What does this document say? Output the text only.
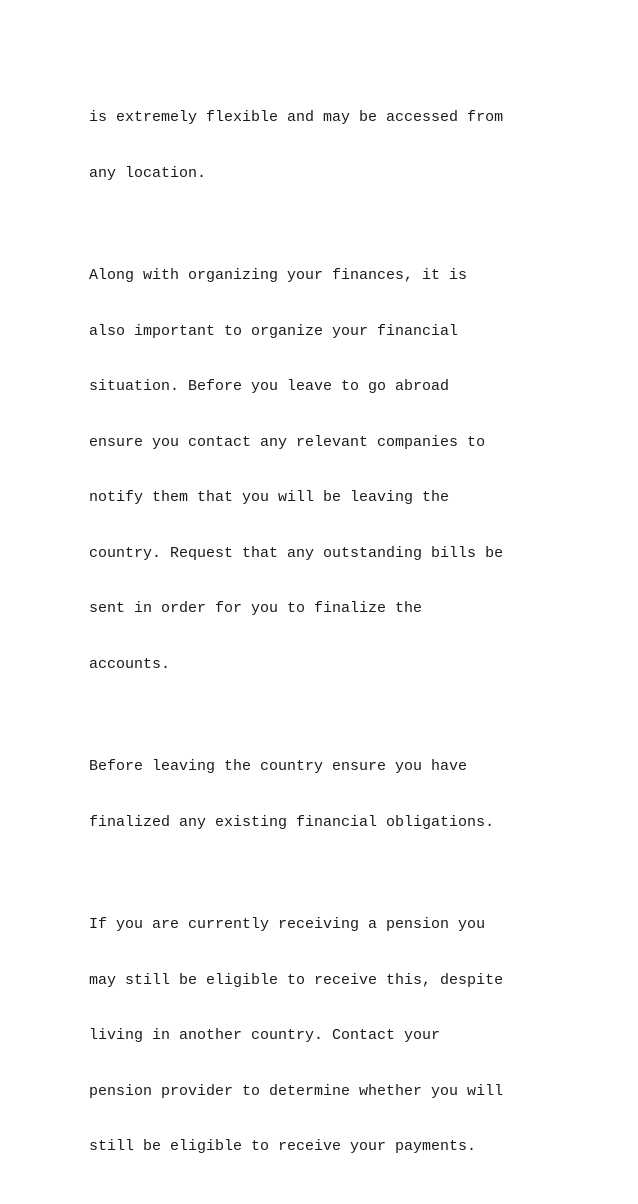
is extremely flexible and may be accessed from

any location.

Along with organizing your finances, it is

also important to organize your financial

situation. Before you leave to go abroad

ensure you contact any relevant companies to

notify them that you will be leaving the

country. Request that any outstanding bills be

sent in order for you to finalize the

accounts.

Before leaving the country ensure you have

finalized any existing financial obligations.

If you are currently receiving a pension you

may still be eligible to receive this, despite

living in another country. Contact your

pension provider to determine whether you will

still be eligible to receive your payments.
